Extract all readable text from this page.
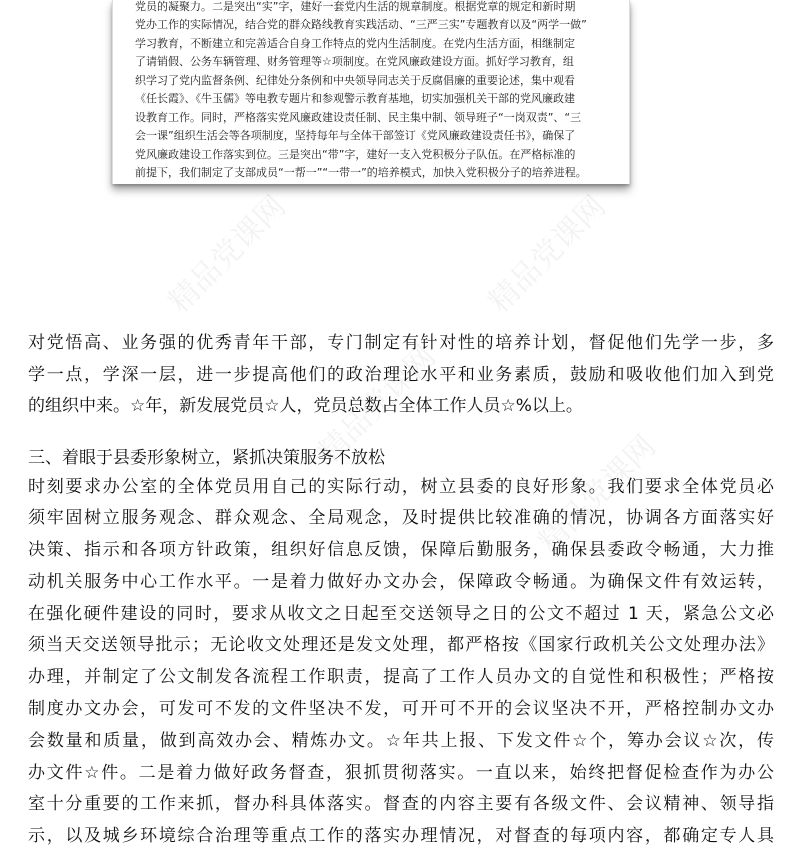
精品党课网	精品党课网
精品党课网
精品党课网
党员的凝聚力。二是突出“实”字，建好一套党内生活的规章制度。根据党章的规定和新时期
党办工作的实际情况，结合党的群众路线教育实践活动、“三严三实”专题教育以及“两学一做”
学习教育，不断建立和完善适合自身工作特点的党内生活制度。在党内生活方面，相继制定
了请销假、公务车辆管理、财务管理等☆项制度。在党风廉政建设方面。抓好学习教育，组
织学习了党内监督条例、纪律处分条例和中央领导同志关于反腐倡廉的重要论述，集中观看
《任长霞》、《牛玉儒》等电教专题片和参观警示教育基地，切实加强机关干部的党风廉政建
设教育工作。同时，严格落实党风廉政建设责任制、民主集中制、领导班子“一岗双责”、“三
会一课”组织生活会等各项制度，坚持每年与全体干部签订《党风廉政建设责任书》，确保了
党风廉政建设工作落实到位。三是突出“带”字，建好一支入党积极分子队伍。在严格标准的
前提下，我们制定了支部成员“一帮一”“一带一”的培养模式，加快入党积极分子的培养进程。
对党悟高、业务强的优秀青年干部，专门制定有针对性的培养计划，督促他们先学一步，多
学一点，学深一层，进一步提高他们的政治理论水平和业务素质，鼓励和吸收他们加入到党
的组织中来。☆年，新发展党员☆人，党员总数占全体工作人员☆%以上。
三、着眼于县委形象树立，紧抓决策服务不放松
时刻要求办公室的全体党员用自己的实际行动，树立县委的良好形象。我们要求全体党员必
须牢固树立服务观念、群众观念、全局观念，及时提供比较准确的情况，协调各方面落实好
决策、指示和各项方针政策，组织好信息反馈，保障后勤服务，确保县委政令畅通，大力推
动机关服务中心工作水平。一是着力做好办文办会，保障政令畅通。为确保文件有效运转，
在强化硬件建设的同时，要求从收文之日起至交送领导之日的公文不超过 1 天，紧急公文必
须当天交送领导批示；无论收文处理还是发文处理，都严格按《国家行政机关公文处理办法》
办理，并制定了公文制发各流程工作职责，提高了工作人员办文的自觉性和积极性；严格按
制度办文办会，可发可不发的文件坚决不发，可开可不开的会议坚决不开，严格控制办文办
会数量和质量，做到高效办会、精炼办文。☆年共上报、下发文件☆个，筹办会议☆次，传
办文件☆件。二是着力做好政务督查，狠抓贯彻落实。一直以来，始终把督促检查作为办公
室十分重要的工作来抓，督办科具体落实。督查的内容主要有各级文件、会议精神、领导指
示，以及城乡环境综合治理等重点工作的落实办理情况，对督查的每项内容，都确定专人具
